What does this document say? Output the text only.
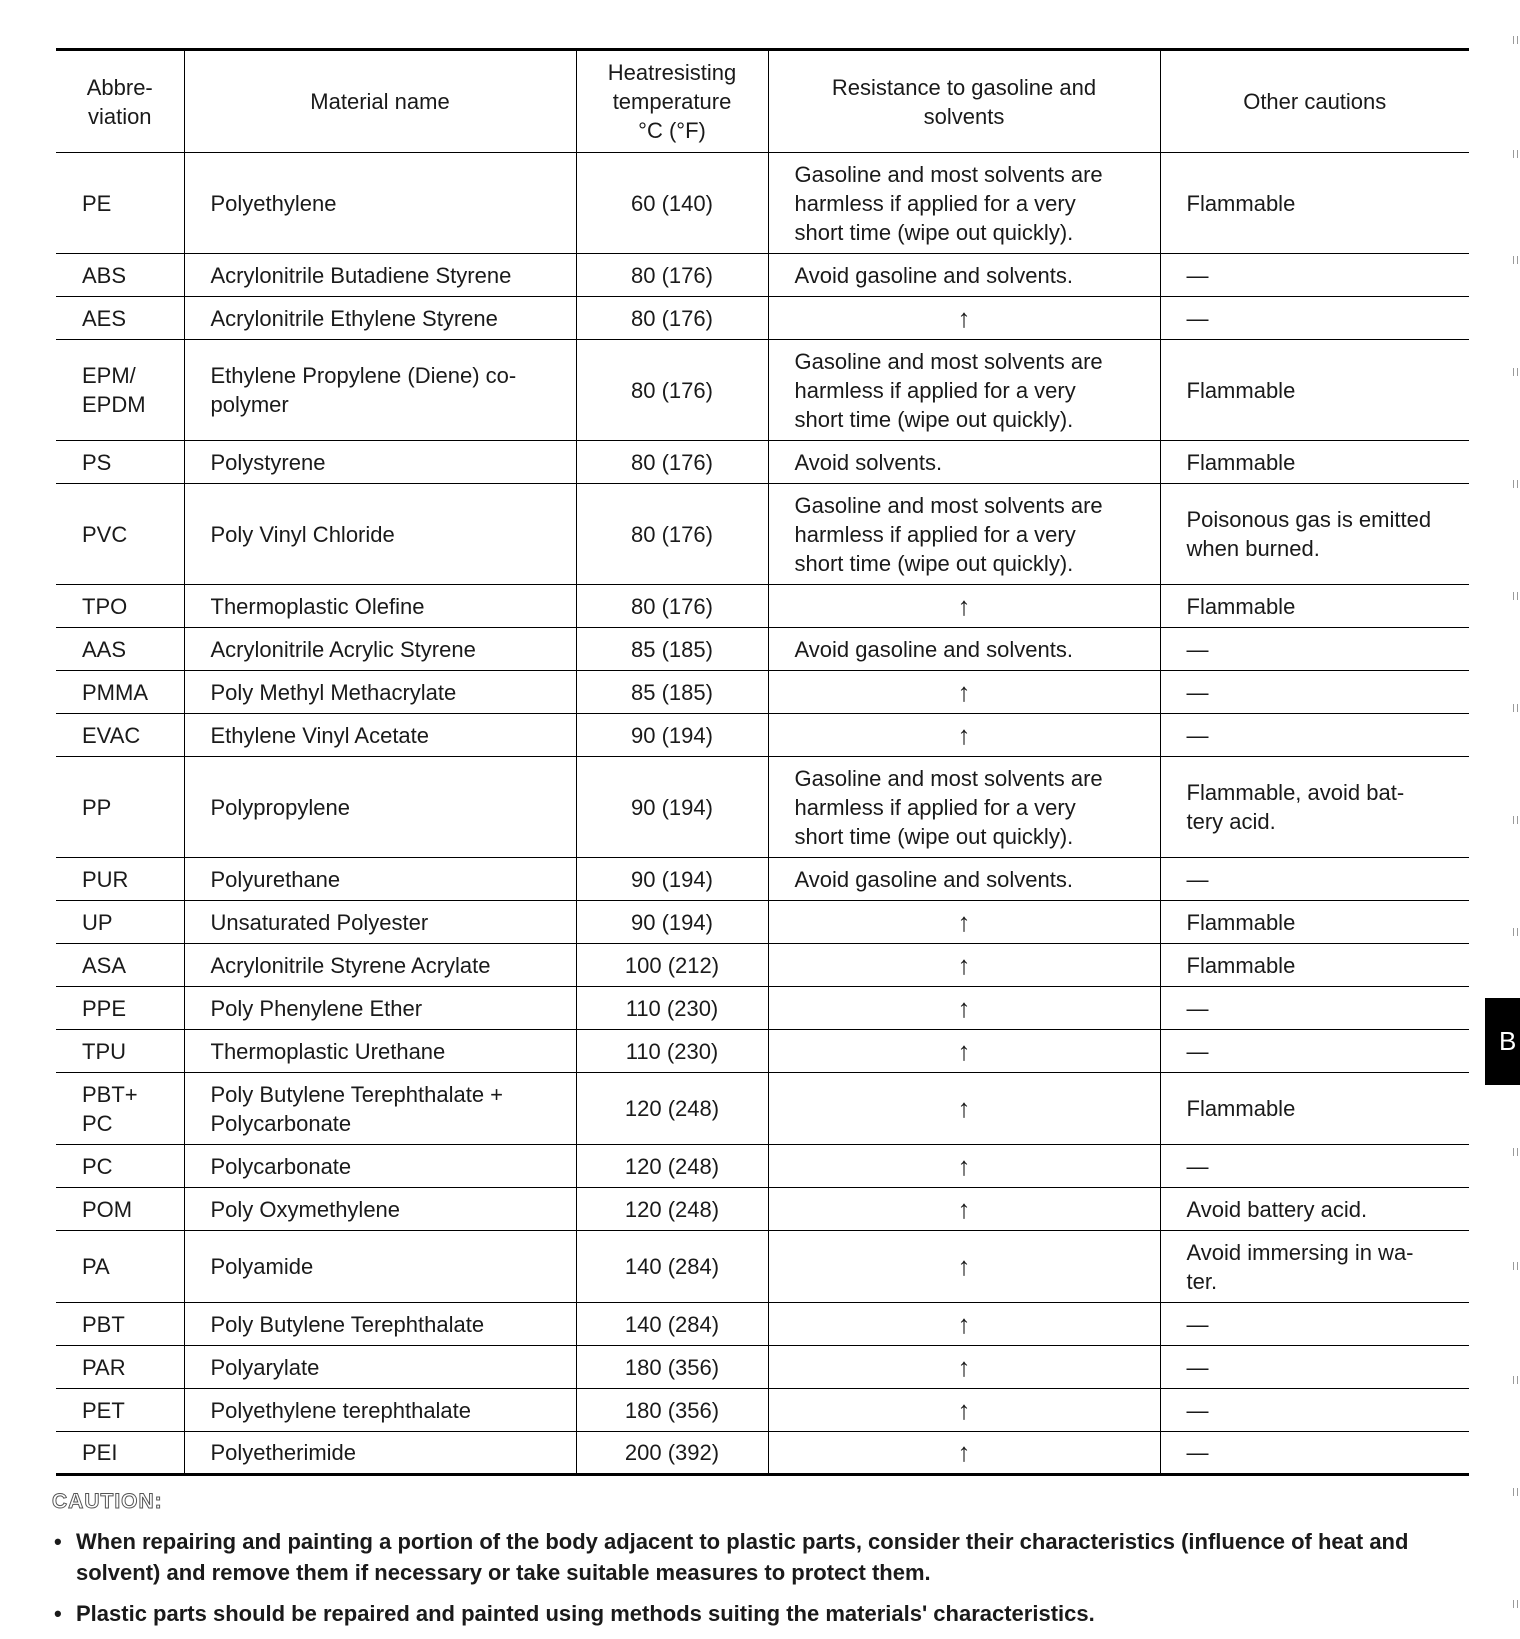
Abbre-
viation	Material name	Heatresisting
temperature
°C (°F)	Resistance to gasoline and
solvents	Other cautions
PE	Polyethylene	60 (140)	Gasoline and most solvents are
harmless if applied for a very
short time (wipe out quickly).	Flammable
ABS	Acrylonitrile Butadiene Styrene	80 (176)	Avoid gasoline and solvents.	—
AES	Acrylonitrile Ethylene Styrene	80 (176)	↑	—
EPM/
EPDM	Ethylene Propylene (Diene) co-
polymer	80 (176)	Gasoline and most solvents are
harmless if applied for a very
short time (wipe out quickly).	Flammable
PS	Polystyrene	80 (176)	Avoid solvents.	Flammable
PVC	Poly Vinyl Chloride	80 (176)	Gasoline and most solvents are
harmless if applied for a very
short time (wipe out quickly).	Poisonous gas is emitted
when burned.
TPO	Thermoplastic Olefine	80 (176)	↑	Flammable
AAS	Acrylonitrile Acrylic Styrene	85 (185)	Avoid gasoline and solvents.	—
PMMA	Poly Methyl Methacrylate	85 (185)	↑	—
EVAC	Ethylene Vinyl Acetate	90 (194)	↑	—
PP	Polypropylene	90 (194)	Gasoline and most solvents are
harmless if applied for a very
short time (wipe out quickly).	Flammable, avoid bat-
tery acid.
PUR	Polyurethane	90 (194)	Avoid gasoline and solvents.	—
UP	Unsaturated Polyester	90 (194)	↑	Flammable
ASA	Acrylonitrile Styrene Acrylate	100 (212)	↑	Flammable
PPE	Poly Phenylene Ether	110 (230)	↑	—
TPU	Thermoplastic Urethane	110 (230)	↑	—
PBT+
PC	Poly Butylene Terephthalate +
Polycarbonate	120 (248)	↑	Flammable
PC	Polycarbonate	120 (248)	↑	—
POM	Poly Oxymethylene	120 (248)	↑	Avoid battery acid.
PA	Polyamide	140 (284)	↑	Avoid immersing in wa-
ter.
PBT	Poly Butylene Terephthalate	140 (284)	↑	—
PAR	Polyarylate	180 (356)	↑	—
PET	Polyethylene terephthalate	180 (356)	↑	—
PEI	Polyetherimide	200 (392)	↑	—
CAUTION:
• When repairing and painting a portion of the body adjacent to plastic parts, consider their characteristics (influence of heat and solvent) and remove them if necessary or take suitable measures to protect them.
• Plastic parts should be repaired and painted using methods suiting the materials' characteristics.
B
